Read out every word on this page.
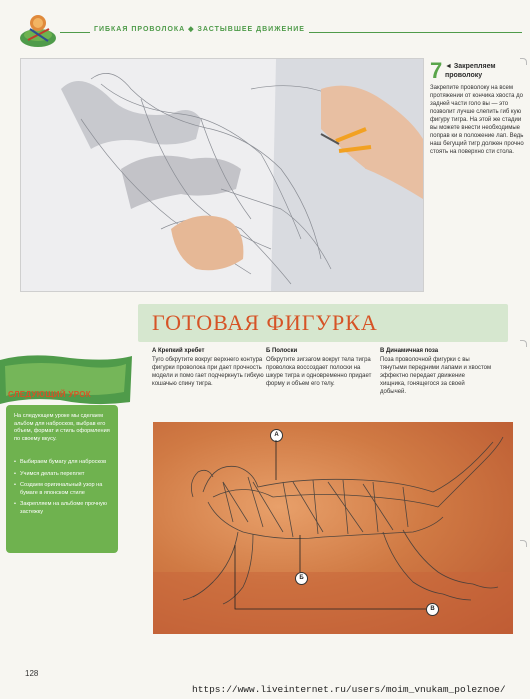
ГИБКАЯ ПРОВОЛОКА ◆ ЗАСТЫВШЕЕ ДВИЖЕНИЕ
7 ◄ Закрепляем проволоку
Закрепите проволоку на всем протяжении от кончика хвоста до задней части голо вы — это позволит лучше слепить гиб кую фигуру тигра. На этой же стадии вы можете внести необходимые поправ ки в положение лап. Ведь наш бегущий тигр должен прочно стоять на поверхно сти стола.
ГОТОВАЯ ФИГУРКА
А Крепкий хребет
Туго обкрутите вокруг верхнего контура фигурки проволока при дает прочность модели и помо гает подчеркнуть гибкую кошачью спину тигра.
Б Полоски
Обкрутите зигзагом вокруг тела тигра проволока воссоздает полоски на шкуре тигра и одновременно придает форму и объем его телу.
В Динамичная поза
Поза проволочной фигурки с вы тянутыми передними лапами и хвостом эффектно передает движение хищника, гонящегося за своей добычей.
СЛЕДУЮЩИЙ УРОК
На следующем уроке мы сделаем альбом для набросков, выбрав его объем, формат и стиль оформления по своему вкусу.
• Выбираем бумагу для набросков
• Учимся делать переплет
• Создаем оригинальный узор на бумаге в японском стиле
• Закрепляем на альбоме прочную застежку
А
Б
В
128
https://www.liveinternet.ru/users/moim_vnukam_poleznoe/
